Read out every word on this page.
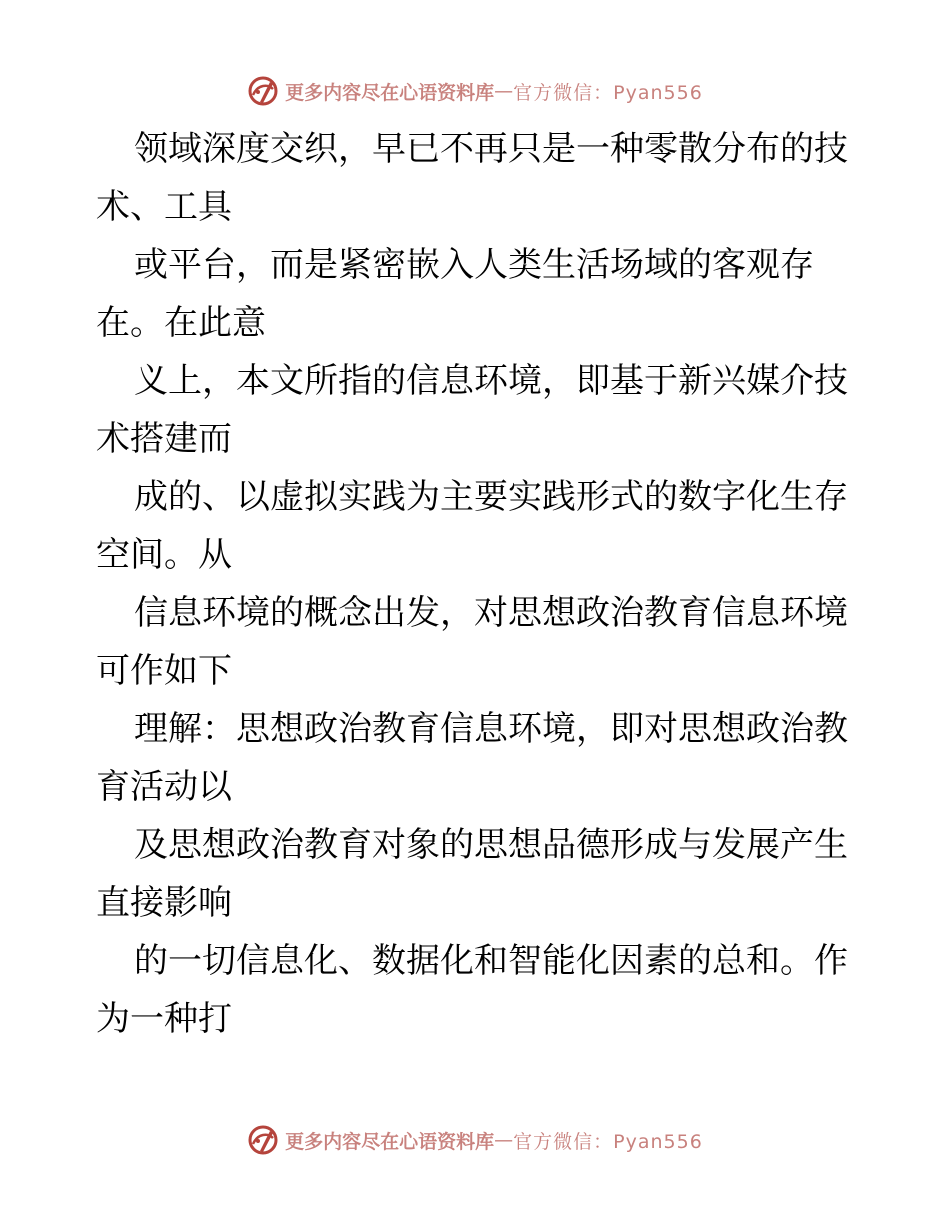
更多内容尽在心语资料库 — 官方微信：Pyan556
领域深度交织，早已不再只是一种零散分布的技
术、工具
或平台，而是紧密嵌入人类生活场域的客观存
在。在此意
义上，本文所指的信息环境，即基于新兴媒介技
术搭建而
成的、以虚拟实践为主要实践形式的数字化生存
空间。从
信息环境的概念出发，对思想政治教育信息环境
可作如下
理解：思想政治教育信息环境，即对思想政治教
育活动以
及思想政治教育对象的思想品德形成与发展产生
直接影响
的一切信息化、数据化和智能化因素的总和。作
为一种打
更多内容尽在心语资料库 — 官方微信：Pyan556
